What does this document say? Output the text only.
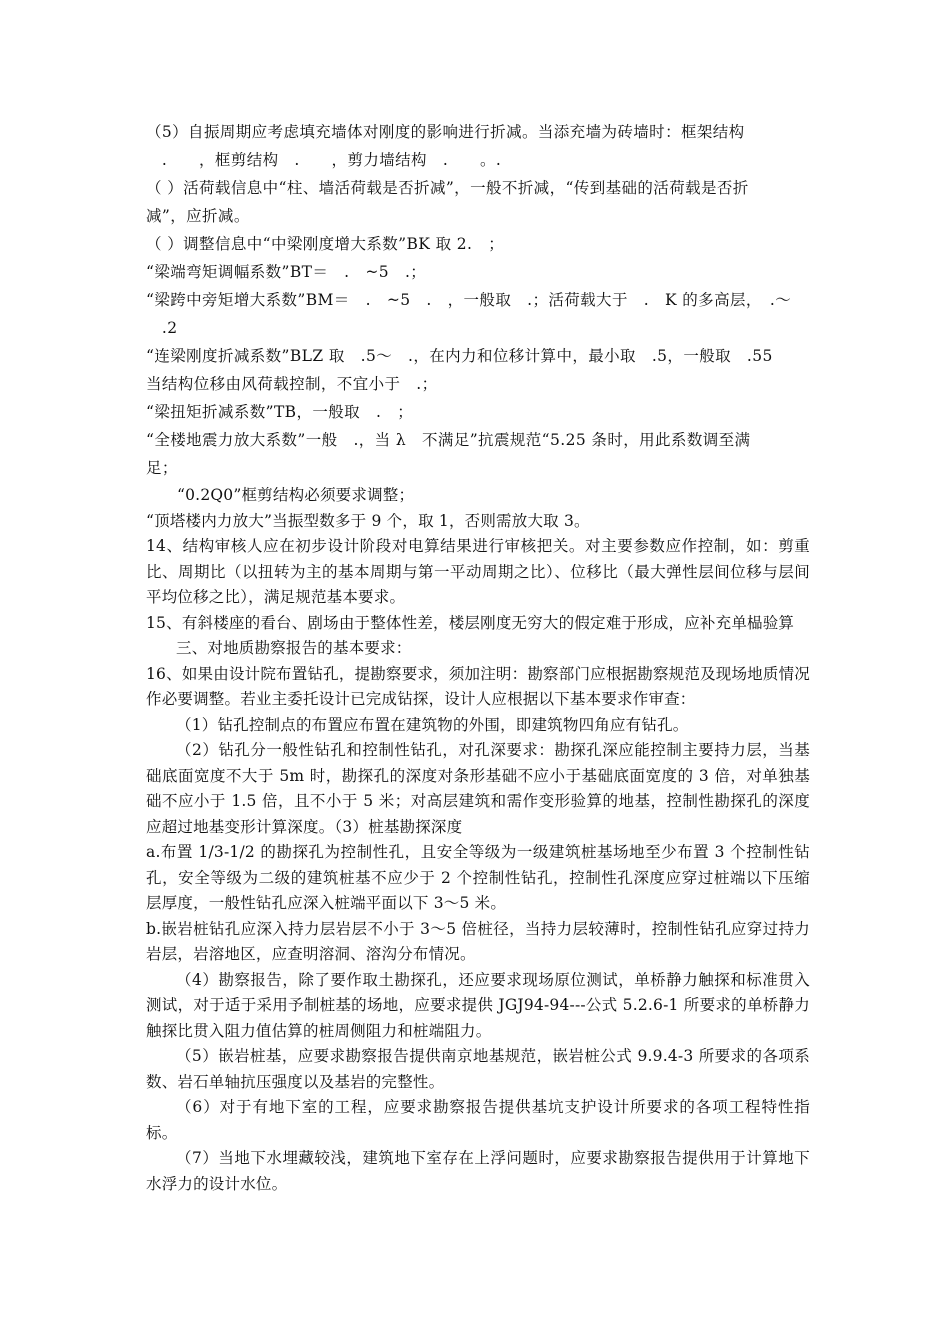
（5）自振周期应考虑填充墙体对刚度的影响进行折减。当添充墙为砖墙时：框架结构

　.　　，框剪结构　.　　，剪力墙结构　.　　。.

（ ）活荷载信息中“柱、墙活荷载是否折减”，一般不折减，“传到基础的活荷载是否折

减”，应折减。

（ ）调整信息中“中梁刚度增大系数”BK 取 2.　；

“梁端弯矩调幅系数”BT＝　.　~5　.；

“梁跨中旁矩增大系数”BM＝　.　~5　.　，一般取　.；活荷载大于　.　K 的多高层，　.～

　.2

“连梁刚度折减系数”BLZ 取　.5～　.，在内力和位移计算中，最小取　.5，一般取　.55

当结构位移由风荷载控制，不宜小于　.；

“梁扭矩折减系数”TB，一般取　.　；

“全楼地震力放大系数”一般　.，当 λ　不满足”抗震规范“5.25 条时，用此系数调至满

足；

“0.2Q0”框剪结构必须要求调整；

“顶塔楼内力放大”当振型数多于 9 个，取 1，否则需放大取 3。

14、结构审核人应在初步设计阶段对电算结果进行审核把关。对主要参数应作控制，如：剪重比、周期比（以扭转为主的基本周期与第一平动周期之比）、位移比（最大弹性层间位移与层间平均位移之比），满足规范基本要求。

15、有斜楼座的看台、剧场由于整体性差，楼层刚度无穷大的假定难于形成，应补充单榀验算

三、对地质勘察报告的基本要求：

16、如果由设计院布置钻孔，提勘察要求，须加注明：勘察部门应根据勘察规范及现场地质情况作必要调整。若业主委托设计已完成钻探，设计人应根据以下基本要求作审查：

（1）钻孔控制点的布置应布置在建筑物的外围，即建筑物四角应有钻孔。

（2）钻孔分一般性钻孔和控制性钻孔，对孔深要求：勘探孔深应能控制主要持力层，当基础底面宽度不大于 5m 时，勘探孔的深度对条形基础不应小于基础底面宽度的 3 倍，对单独基础不应小于 1.5 倍，且不小于 5 米；对高层建筑和需作变形验算的地基，控制性勘探孔的深度应超过地基变形计算深度。（3）桩基勘探深度

a.布置 1/3-1/2 的勘探孔为控制性孔，且安全等级为一级建筑桩基场地至少布置 3 个控制性钻孔，安全等级为二级的建筑桩基不应少于 2 个控制性钻孔，控制性孔深度应穿过桩端以下压缩层厚度，一般性钻孔应深入桩端平面以下 3～5 米。

b.嵌岩桩钻孔应深入持力层岩层不小于 3～5 倍桩径，当持力层较薄时，控制性钻孔应穿过持力岩层，岩溶地区，应查明溶洞、溶沟分布情况。

（4）勘察报告，除了要作取土勘探孔，还应要求现场原位测试，单桥静力触探和标准贯入测试，对于适于采用予制桩基的场地，应要求提供 JGJ94-94---公式 5.2.6-1 所要求的单桥静力触探比贯入阻力值估算的桩周侧阻力和桩端阻力。

（5）嵌岩桩基，应要求勘察报告提供南京地基规范，嵌岩桩公式 9.9.4-3 所要求的各项系数、岩石单轴抗压强度以及基岩的完整性。

（6）对于有地下室的工程，应要求勘察报告提供基坑支护设计所要求的各项工程特性指标。

（7）当地下水埋藏较浅，建筑地下室存在上浮问题时，应要求勘察报告提供用于计算地下水浮力的设计水位。
